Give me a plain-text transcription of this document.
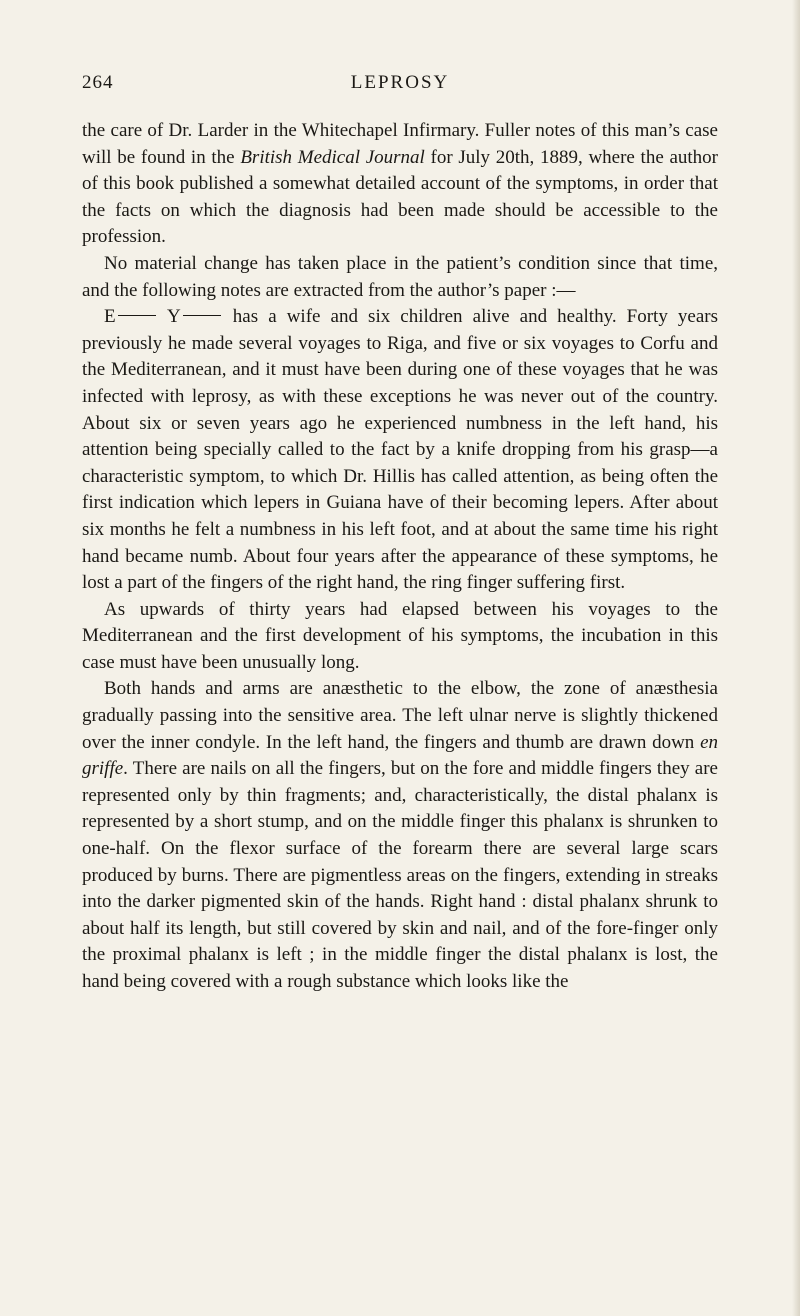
264	LEPROSY

the care of Dr. Larder in the Whitechapel Infirmary. Fuller notes of this man’s case will be found in the British Medical Journal for July 20th, 1889, where the author of this book published a somewhat detailed account of the symptoms, in order that the facts on which the diagnosis had been made should be accessible to the profession.

No material change has taken place in the patient’s condition since that time, and the following notes are extracted from the author’s paper :—

E	Y has a wife and six children alive and healthy. Forty years previously he made several voyages to Riga, and five or six voyages to Corfu and the Mediterranean, and it must have been during one of these voyages that he was infected with leprosy, as with these exceptions he was never out of the country. About six or seven years ago he experienced numbness in the left hand, his attention being specially called to the fact by a knife dropping from his grasp—a characteristic symptom, to which Dr. Hillis has called attention, as being often the first indication which lepers in Guiana have of their becoming lepers. After about six months he felt a numbness in his left foot, and at about the same time his right hand became numb. About four years after the appearance of these symptoms, he lost a part of the fingers of the right hand, the ring finger suffering first.

As upwards of thirty years had elapsed between his voyages to the Mediterranean and the first development of his symptoms, the incubation in this case must have been unusually long.

Both hands and arms are anæsthetic to the elbow, the zone of anæsthesia gradually passing into the sensitive area. The left ulnar nerve is slightly thickened over the inner condyle. In the left hand, the fingers and thumb are drawn down en griffe. There are nails on all the fingers, but on the fore and middle fingers they are represented only by thin fragments; and, characteristically, the distal phalanx is represented by a short stump, and on the middle finger this phalanx is shrunken to one-half. On the flexor surface of the forearm there are several large scars produced by burns. There are pigmentless areas on the fingers, extending in streaks into the darker pigmented skin of the hands. Right hand : distal phalanx shrunk to about half its length, but still covered by skin and nail, and of the fore-finger only the proximal phalanx is left ; in the middle finger the distal phalanx is lost, the hand being covered with a rough substance which looks like the
